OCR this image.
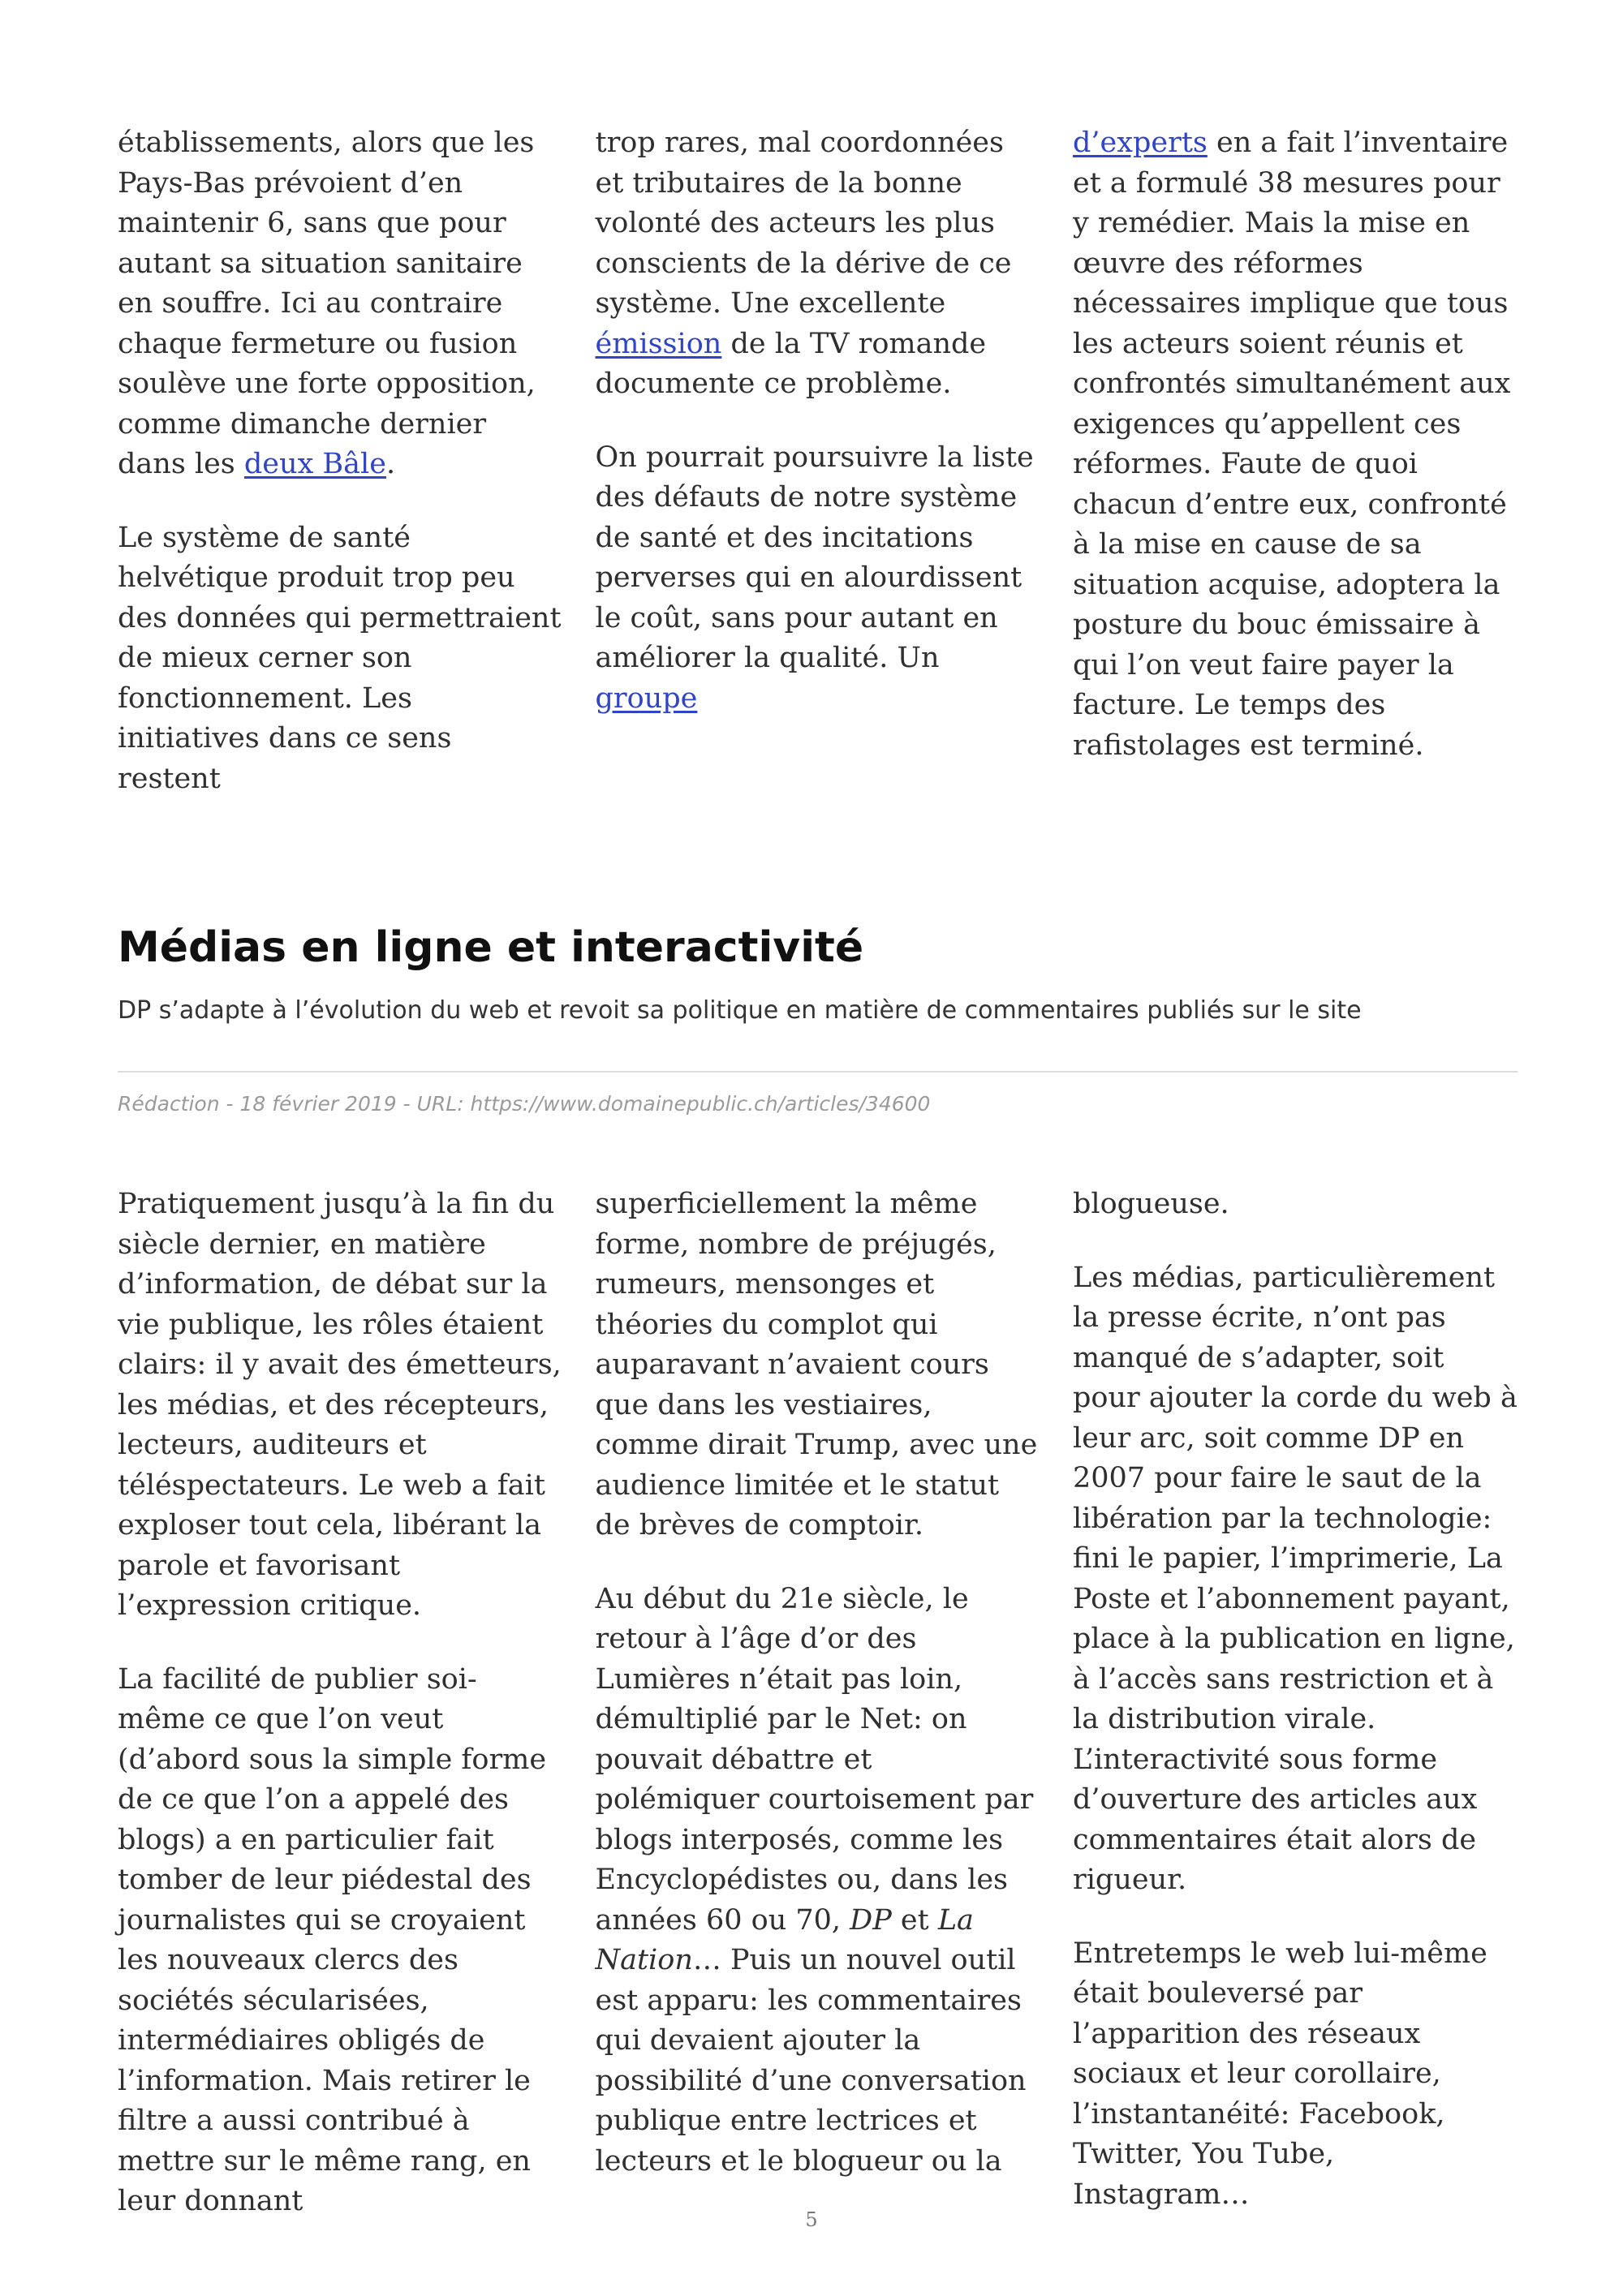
établissements, alors que les Pays-Bas prévoient d’en maintenir 6, sans que pour autant sa situation sanitaire en souffre. Ici au contraire chaque fermeture ou fusion soulève une forte opposition, comme dimanche dernier dans les deux Bâle.

Le système de santé helvétique produit trop peu des données qui permettraient de mieux cerner son fonctionnement. Les initiatives dans ce sens restent

trop rares, mal coordonnées et tributaires de la bonne volonté des acteurs les plus conscients de la dérive de ce système. Une excellente émission de la TV romande documente ce problème.

On pourrait poursuivre la liste des défauts de notre système de santé et des incitations perverses qui en alourdissent le coût, sans pour autant en améliorer la qualité. Un groupe

d’experts en a fait l’inventaire et a formulé 38 mesures pour y remédier. Mais la mise en œuvre des réformes nécessaires implique que tous les acteurs soient réunis et confrontés simultanément aux exigences qu’appellent ces réformes. Faute de quoi chacun d’entre eux, confronté à la mise en cause de sa situation acquise, adoptera la posture du bouc émissaire à qui l’on veut faire payer la facture. Le temps des rafistolages est terminé.

Médias en ligne et interactivité

DP s’adapte à l’évolution du web et revoit sa politique en matière de commentaires publiés sur le site

Rédaction - 18 février 2019 - URL: https://www.domainepublic.ch/articles/34600

Pratiquement jusqu’à la fin du siècle dernier, en matière d’information, de débat sur la vie publique, les rôles étaient clairs: il y avait des émetteurs, les médias, et des récepteurs, lecteurs, auditeurs et téléspectateurs. Le web a fait exploser tout cela, libérant la parole et favorisant l’expression critique.

La facilité de publier soi-même ce que l’on veut (d’abord sous la simple forme de ce que l’on a appelé des blogs) a en particulier fait tomber de leur piédestal des journalistes qui se croyaient les nouveaux clercs des sociétés sécularisées, intermédiaires obligés de l’information. Mais retirer le filtre a aussi contribué à mettre sur le même rang, en leur donnant

superficiellement la même forme, nombre de préjugés, rumeurs, mensonges et théories du complot qui auparavant n’avaient cours que dans les vestiaires, comme dirait Trump, avec une audience limitée et le statut de brèves de comptoir.

Au début du 21e siècle, le retour à l’âge d’or des Lumières n’était pas loin, démultiplié par le Net: on pouvait débattre et polémiquer courtoisement par blogs interposés, comme les Encyclopédistes ou, dans les années 60 ou 70, DP et La Nation… Puis un nouvel outil est apparu: les commentaires qui devaient ajouter la possibilité d’une conversation publique entre lectrices et lecteurs et le blogueur ou la

blogueuse.

Les médias, particulièrement la presse écrite, n’ont pas manqué de s’adapter, soit pour ajouter la corde du web à leur arc, soit comme DP en 2007 pour faire le saut de la libération par la technologie: fini le papier, l’imprimerie, La Poste et l’abonnement payant, place à la publication en ligne, à l’accès sans restriction et à la distribution virale. L’interactivité sous forme d’ouverture des articles aux commentaires était alors de rigueur.

Entretemps le web lui-même était bouleversé par l’apparition des réseaux sociaux et leur corollaire, l’instantanéité: Facebook, Twitter, You Tube, Instagram…

5
